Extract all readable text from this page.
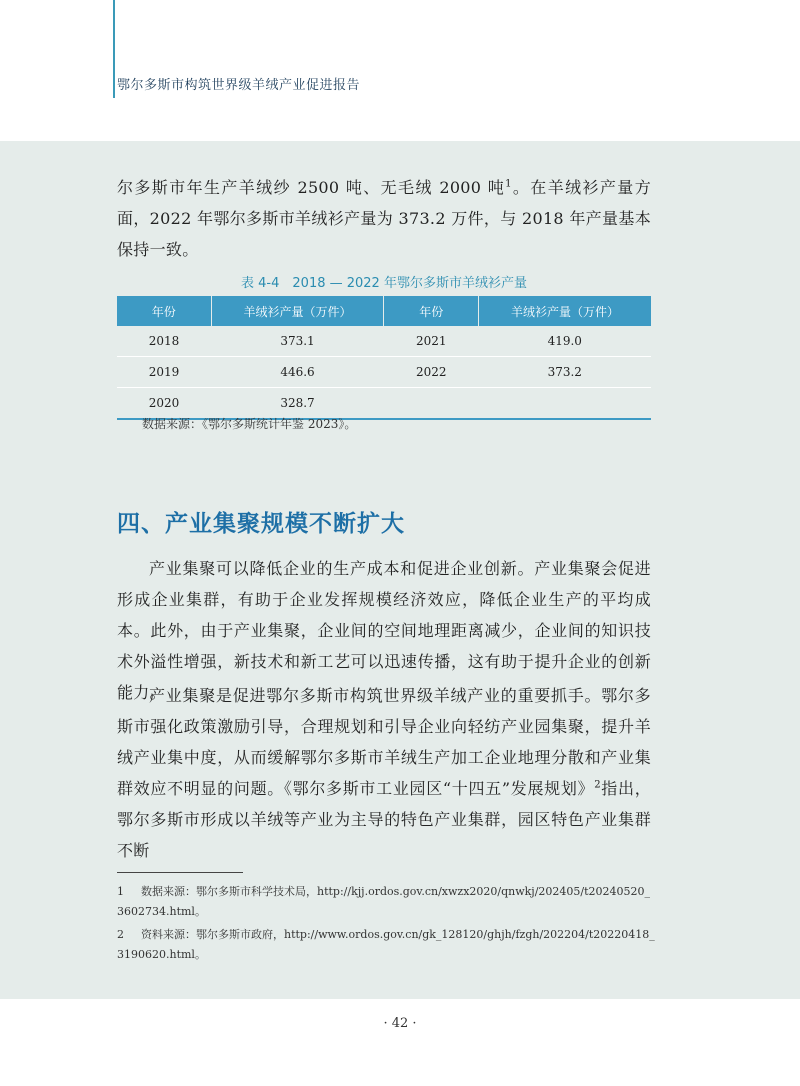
鄂尔多斯市构筑世界级羊绒产业促进报告

尔多斯市年生产羊绒纱 2500 吨、无毛绒 2000 吨$^1$。在羊绒衫产量方面，2022 年鄂尔多斯市羊绒衫产量为 373.2 万件，与 2018 年产量基本保持一致。

表 4-4　2018 — 2022 年鄂尔多斯市羊绒衫产量
年份	羊绒衫产量（万件）	年份	羊绒衫产量（万件）
2018	373.1	2021	419.0
2019	446.6	2022	373.2
2020	328.7		
数据来源：《鄂尔多斯统计年鉴 2023》。
四、产业集聚规模不断扩大

产业集聚可以降低企业的生产成本和促进企业创新。产业集聚会促进形成企业集群，有助于企业发挥规模经济效应，降低企业生产的平均成本。此外，由于产业集聚，企业间的空间地理距离减少，企业间的知识技术外溢性增强，新技术和新工艺可以迅速传播，这有助于提升企业的创新能力。

产业集聚是促进鄂尔多斯市构筑世界级羊绒产业的重要抓手。鄂尔多斯市强化政策激励引导，合理规划和引导企业向轻纺产业园集聚，提升羊绒产业集中度，从而缓解鄂尔多斯市羊绒生产加工企业地理分散和产业集群效应不明显的问题。《鄂尔多斯市工业园区“十四五”发展规划》$^2$指出，鄂尔多斯市形成以羊绒等产业为主导的特色产业集群，园区特色产业集群不断

1 数据来源：鄂尔多斯市科学技术局，http://kjj.ordos.gov.cn/xwzx2020/qnwkj/202405/t20240520_3602734.html。
2 资料来源：鄂尔多斯市政府，http://www.ordos.gov.cn/gk_128120/ghjh/fzgh/202204/t20220418_3190620.html。
· 42 ·
